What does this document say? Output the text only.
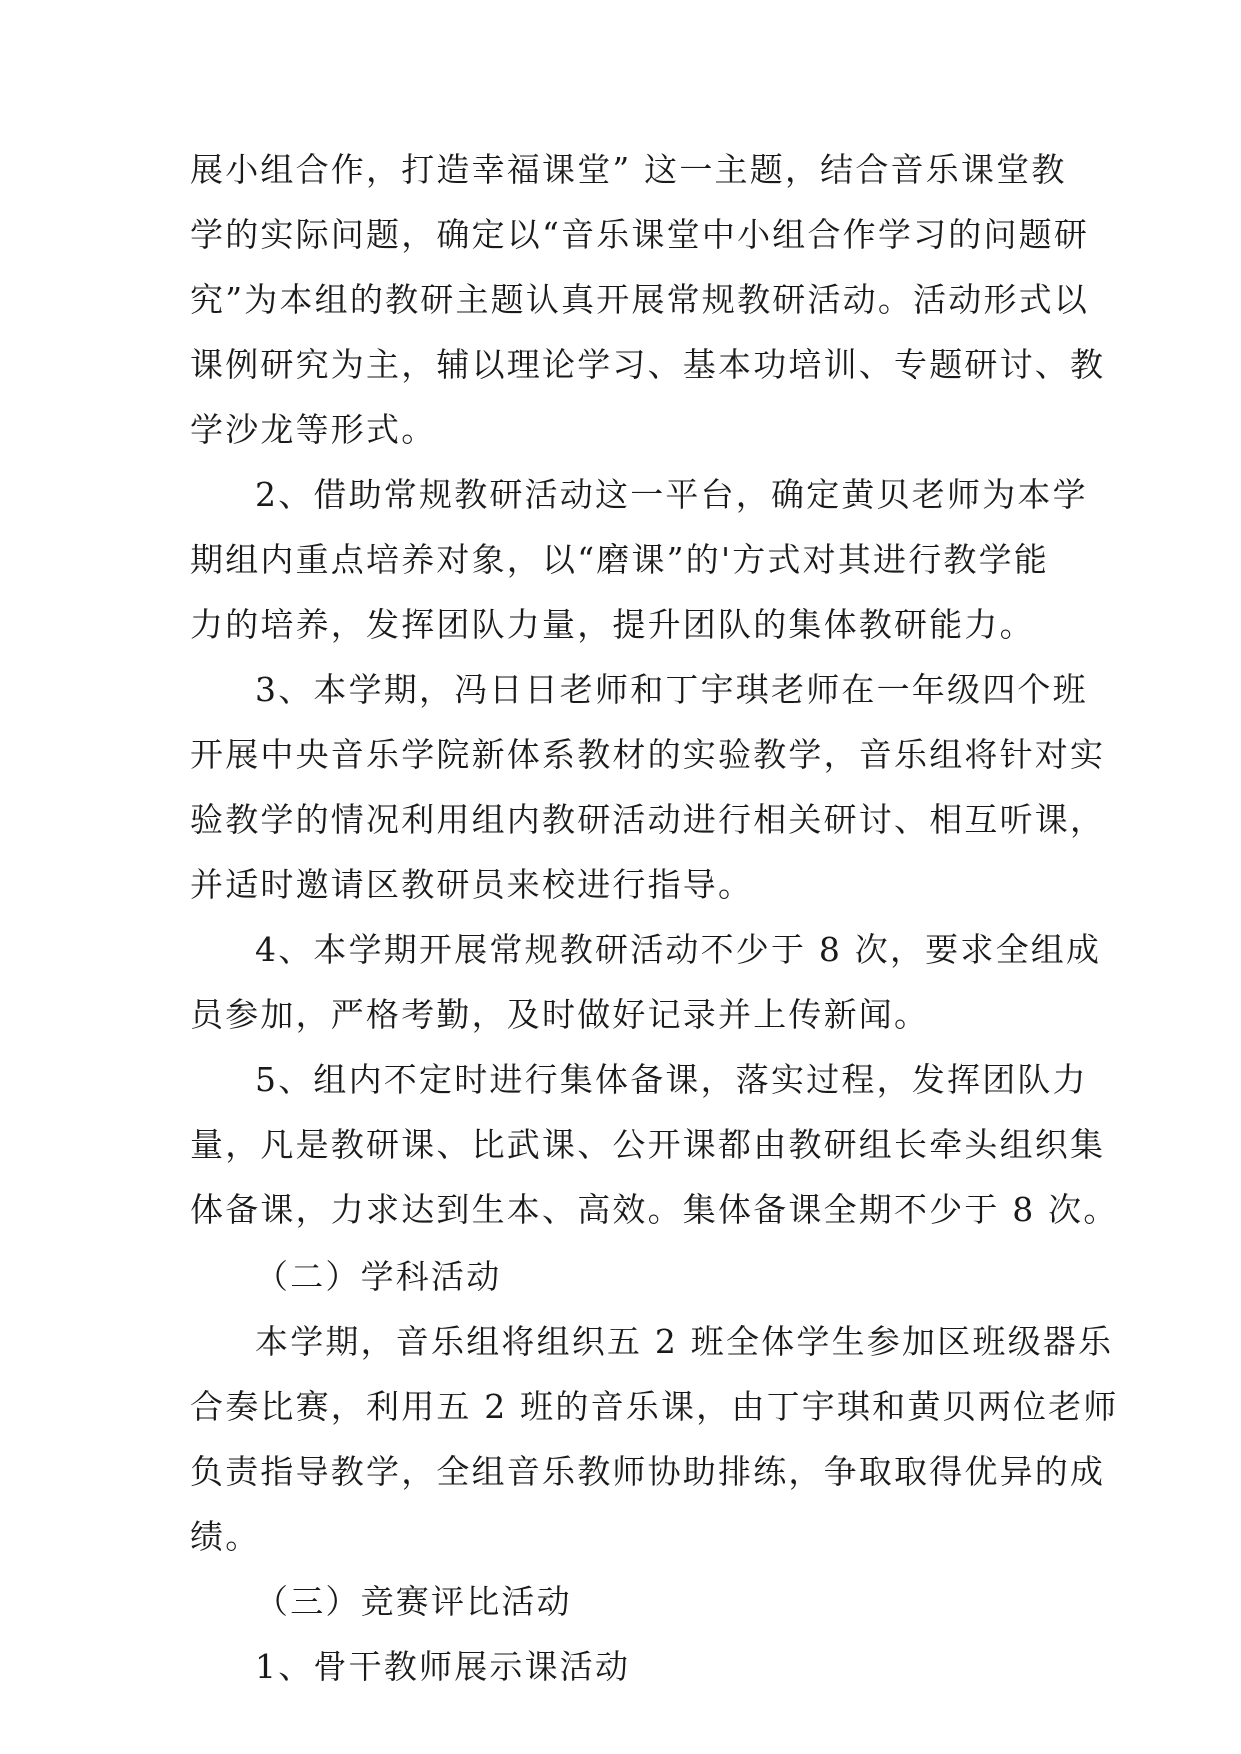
展小组合作，打造幸福课堂” 这一主题，结合音乐课堂教
学的实际问题，确定以“音乐课堂中小组合作学习的问题研
究”为本组的教研主题认真开展常规教研活动。活动形式以
课例研究为主，辅以理论学习、基本功培训、专题研讨、教
学沙龙等形式。
2、借助常规教研活动这一平台，确定黄贝老师为本学
期组内重点培养对象，以“磨课”的'方式对其进行教学能
力的培养，发挥团队力量，提升团队的集体教研能力。
3、本学期，冯日日老师和丁宇琪老师在一年级四个班
开展中央音乐学院新体系教材的实验教学，音乐组将针对实
验教学的情况利用组内教研活动进行相关研讨、相互听课，
并适时邀请区教研员来校进行指导。
4、本学期开展常规教研活动不少于 8 次，要求全组成
员参加，严格考勤，及时做好记录并上传新闻。
5、组内不定时进行集体备课，落实过程，发挥团队力
量，凡是教研课、比武课、公开课都由教研组长牵头组织集
体备课，力求达到生本、高效。集体备课全期不少于 8 次。
（二）学科活动
本学期，音乐组将组织五 2 班全体学生参加区班级器乐
合奏比赛，利用五 2 班的音乐课，由丁宇琪和黄贝两位老师
负责指导教学，全组音乐教师协助排练，争取取得优异的成
绩。
（三）竞赛评比活动
1、骨干教师展示课活动
